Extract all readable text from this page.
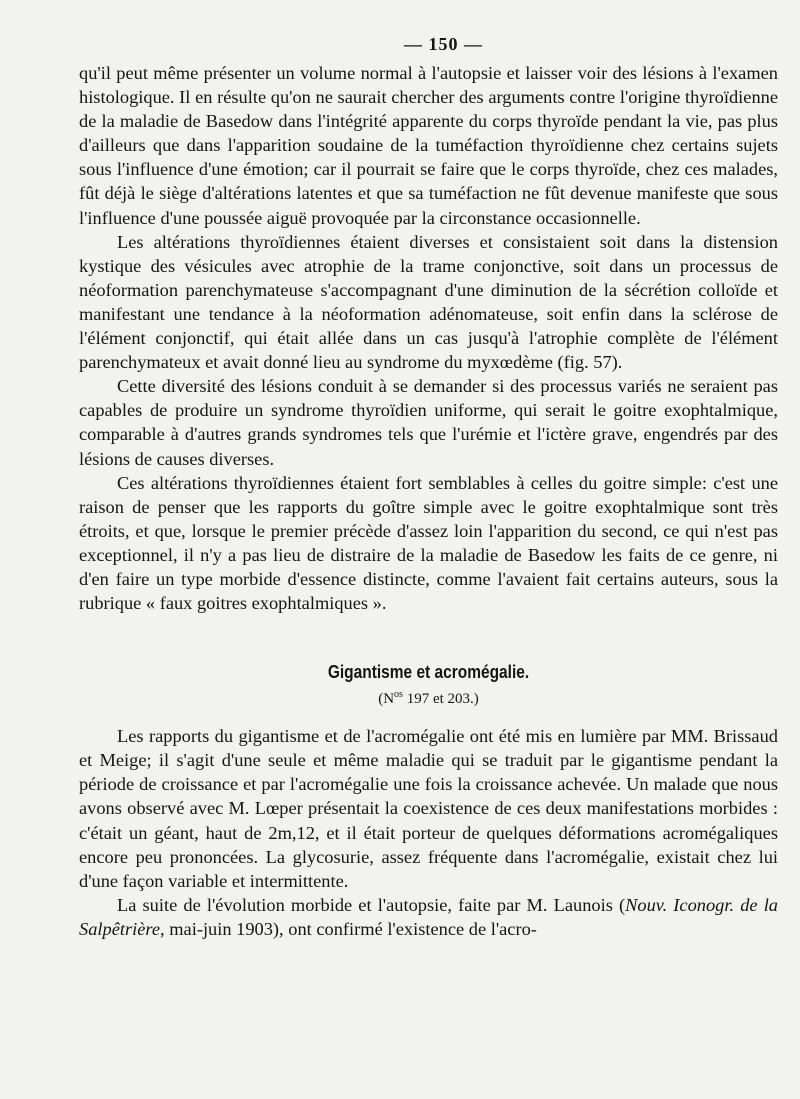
— 150 —

qu'il peut même présenter un volume normal à l'autopsie et laisser voir des lésions à l'examen histologique. Il en résulte qu'on ne saurait chercher des arguments contre l'origine thyroïdienne de la maladie de Basedow dans l'intégrité apparente du corps thyroïde pendant la vie, pas plus d'ailleurs que dans l'apparition soudaine de la tuméfaction thyroïdienne chez certains sujets sous l'influence d'une émotion; car il pourrait se faire que le corps thyroïde, chez ces malades, fût déjà le siège d'altérations latentes et que sa tuméfaction ne fût devenue manifeste que sous l'influence d'une poussée aiguë provoquée par la circonstance occasionnelle.

Les altérations thyroïdiennes étaient diverses et consistaient soit dans la distension kystique des vésicules avec atrophie de la trame conjonctive, soit dans un processus de néoformation parenchymateuse s'accompagnant d'une diminution de la sécrétion colloïde et manifestant une tendance à la néoformation adénomateuse, soit enfin dans la sclérose de l'élément conjonctif, qui était allée dans un cas jusqu'à l'atrophie complète de l'élément parenchymateux et avait donné lieu au syndrome du myxœdème (fig. 57).

Cette diversité des lésions conduit à se demander si des processus variés ne seraient pas capables de produire un syndrome thyroïdien uniforme, qui serait le goitre exophtalmique, comparable à d'autres grands syndromes tels que l'urémie et l'ictère grave, engendrés par des lésions de causes diverses.

Ces altérations thyroïdiennes étaient fort semblables à celles du goitre simple: c'est une raison de penser que les rapports du goître simple avec le goitre exophtalmique sont très étroits, et que, lorsque le premier précède d'assez loin l'apparition du second, ce qui n'est pas exceptionnel, il n'y a pas lieu de distraire de la maladie de Basedow les faits de ce genre, ni d'en faire un type morbide d'essence distincte, comme l'avaient fait certains auteurs, sous la rubrique « faux goitres exophtalmiques ».

Gigantisme et acromégalie.
($N^{os}$ 197 et 203.)

Les rapports du gigantisme et de l'acromégalie ont été mis en lumière par MM. Brissaud et Meige; il s'agit d'une seule et même maladie qui se traduit par le gigantisme pendant la période de croissance et par l'acromégalie une fois la croissance achevée. Un malade que nous avons observé avec M. Lœper présentait la coexistence de ces deux manifestations morbides : c'était un géant, haut de 2m,12, et il était porteur de quelques déformations acromégaliques encore peu prononcées. La glycosurie, assez fréquente dans l'acromégalie, existait chez lui d'une façon variable et intermittente.

La suite de l'évolution morbide et l'autopsie, faite par M. Launois (Nouv. Iconogr. de la Salpêtrière, mai-juin 1903), ont confirmé l'existence de l'acro-
